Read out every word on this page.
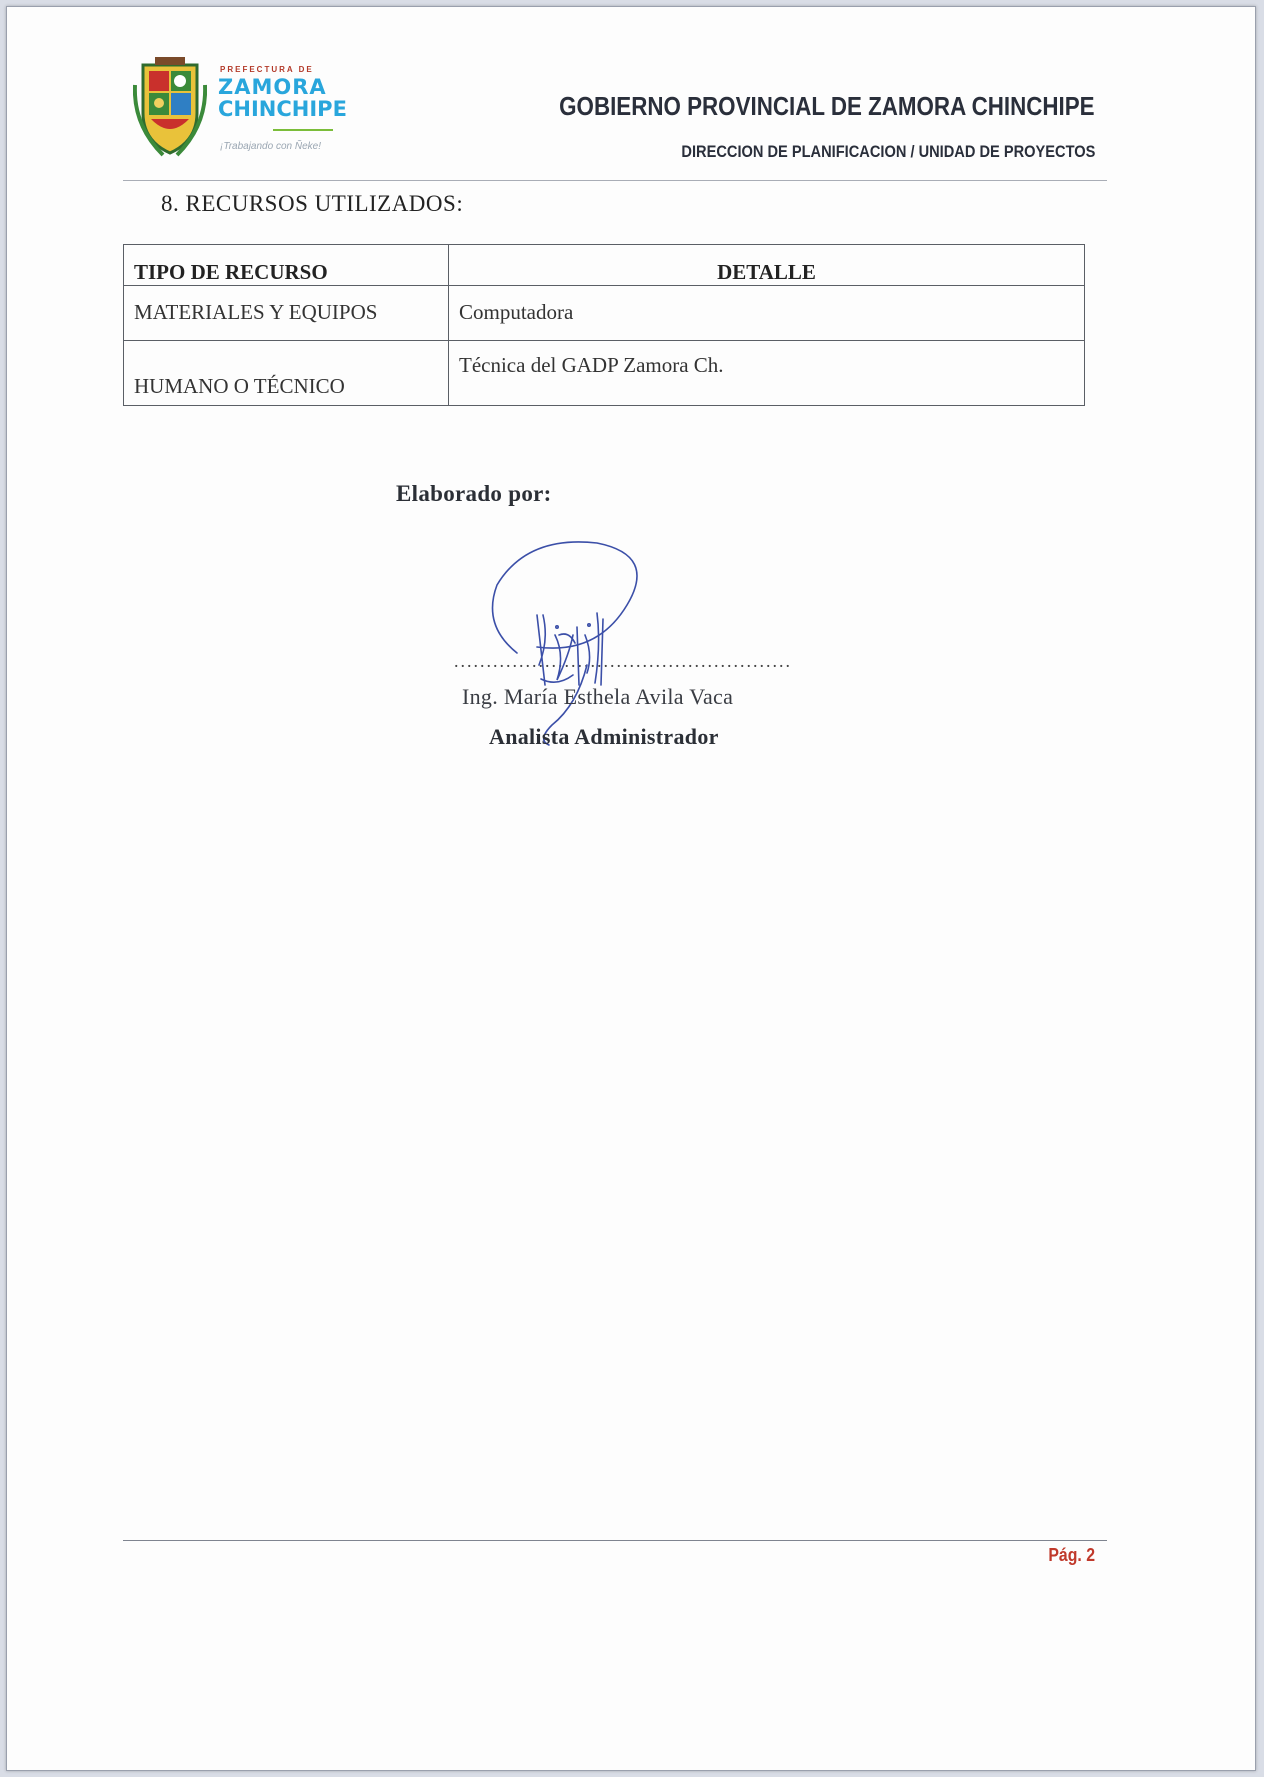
PREFECTURA DE
ZAMORA
CHINCHIPE
¡Trabajando con Ñeke!
GOBIERNO PROVINCIAL DE ZAMORA CHINCHIPE
DIRECCION DE PLANIFICACION / UNIDAD DE PROYECTOS
8. RECURSOS UTILIZADOS:
TIPO DE RECURSO	DETALLE
MATERIALES Y EQUIPOS	Computadora
HUMANO O TÉCNICO	Técnica del GADP Zamora Ch.
Elaborado por:
....................................................
Ing. María Esthela Avila Vaca
Analista Administrador
Pág. 2
